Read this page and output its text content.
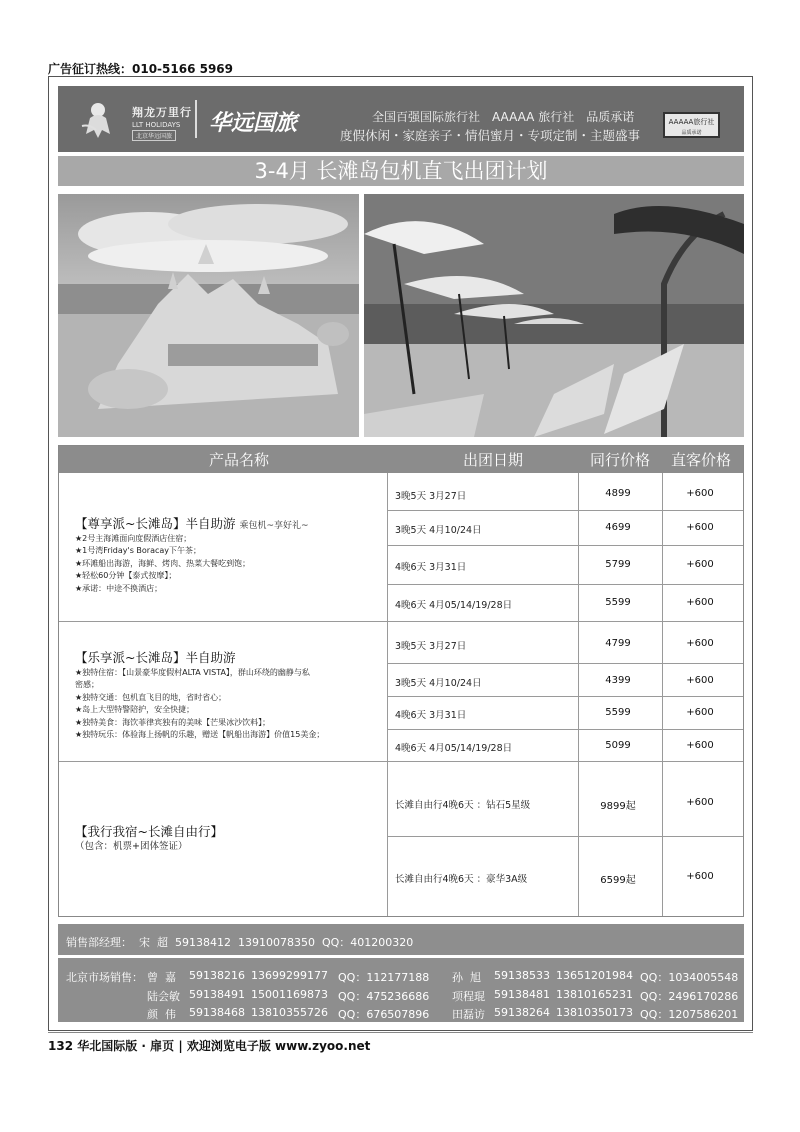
广告征订热线：010-5166 5969
翔龙万里行
LLT HOLIDAYS
北京华远国旅
华远国旅	全国百强国际旅行社　AAAAA 旅行社　品质承诺
度假休闲・家庭亲子・情侣蜜月・专项定制・主题盛事
AAAAA旅行社
品质承诺
3-4月 长滩岛包机直飞出团计划
产品名称	出团日期	同行价格 直客价格
【尊享派~长滩岛】半自助游 乘包机~享好礼~
★2号主海滩面向度假酒店住宿；
★1号湾Friday's Boracay下午茶；
★环滩船出海游，海鲜、烤肉、热菜大餐吃到饱；
★轻松60分钟【泰式按摩】；
★承诺：中途不换酒店；
3晚5天 3月27日	4899	+600
3晚5天 4月10/24日	4699	+600
4晚6天 3月31日	5799	+600
4晚6天 4月05/14/19/28日	5599	+600
【乐享派~长滩岛】半自助游
★独特住宿：【山景豪华度假村ALTA VISTA】，群山环绕的幽静与私
密感；
★独特交通：包机直飞目的地，省时省心；
★岛上大型特警陪护，安全快捷；
★独特美食：海饮菲律宾独有的美味【芒果冰沙饮料】；
★独特玩乐：体验海上扬帆的乐趣，赠送【帆船出海游】价值15美金；
3晚5天 3月27日	4799	+600
3晚5天 4月10/24日	4399	+600
4晚6天 3月31日	5599	+600
4晚6天 4月05/14/19/28日	5099	+600
【我行我宿~长滩自由行】
（包含：机票+团体签证）
长滩自由行4晚6天 ：钻石5星级	9899起	+600
长滩自由行4晚6天 ：豪华3A级	6599起	+600
销售部经理： 宋  超 59138412 13910078350 QQ：401200320
北京市场销售： 曾  嘉 59138216 13699299177 QQ：112177188
陆会敏 59138491 15001169873 QQ：475236686
颜  伟 59138468 13810355726 QQ：676507896
孙  旭 59138533 13651201984 QQ：1034005548
项程琨 59138481 13810165231 QQ：2496170286
田磊访 59138264 13810350173 QQ：1207586201
132 华北国际版 · 扉页 | 欢迎浏览电子版 www.zyoo.net
